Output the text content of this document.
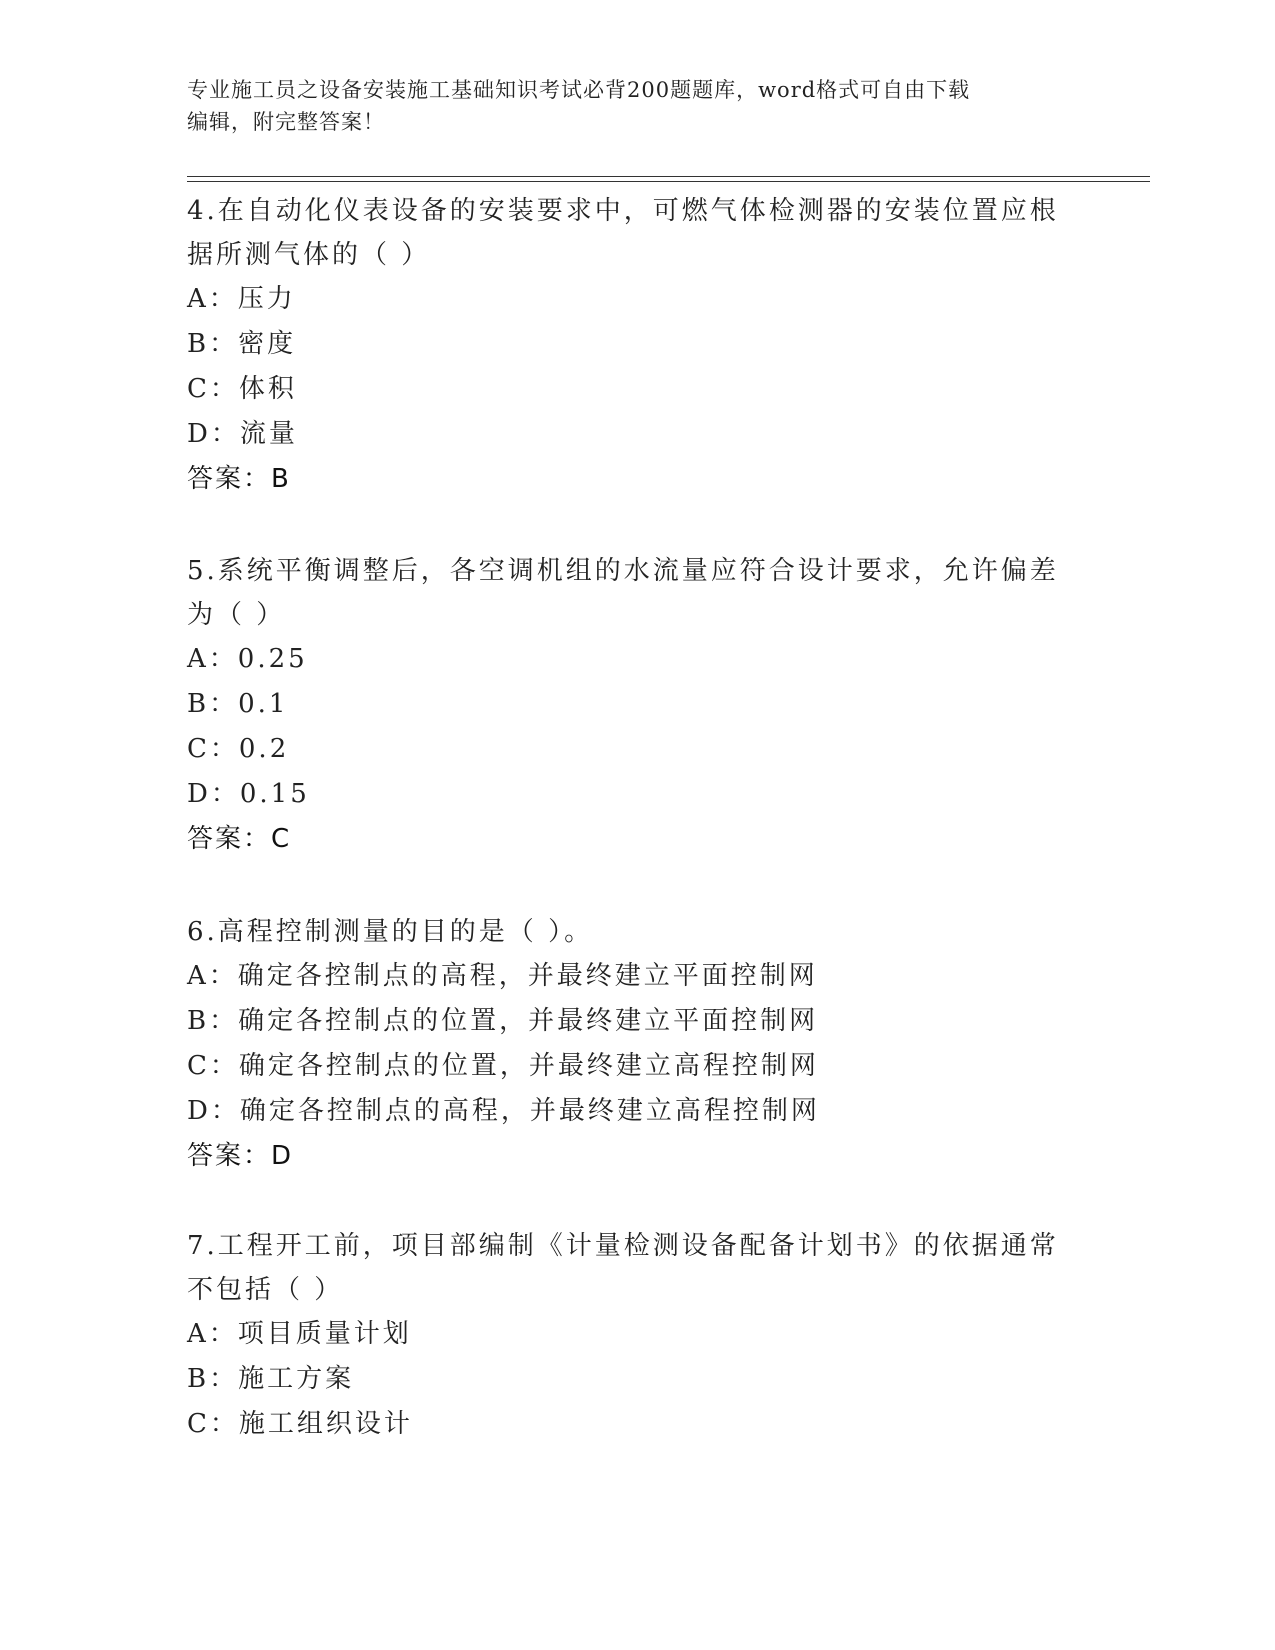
专业施工员之设备安装施工基础知识考试必背200题题库，word格式可自由下载
编辑，附完整答案！
4.在自动化仪表设备的安装要求中，可燃气体检测器的安装位置应根
据所测气体的（ ）
A：压力
B：密度
C：体积
D：流量
答案：B
5.系统平衡调整后，各空调机组的水流量应符合设计要求，允许偏差
为（ ）
A：0.25
B：0.1
C：0.2
D：0.15
答案：C
6.高程控制测量的目的是（ ）。
A：确定各控制点的高程，并最终建立平面控制网
B：确定各控制点的位置，并最终建立平面控制网
C：确定各控制点的位置，并最终建立高程控制网
D：确定各控制点的高程，并最终建立高程控制网
答案：D
7.工程开工前，项目部编制《计量检测设备配备计划书》的依据通常
不包括（ ）
A：项目质量计划
B：施工方案
C：施工组织设计
